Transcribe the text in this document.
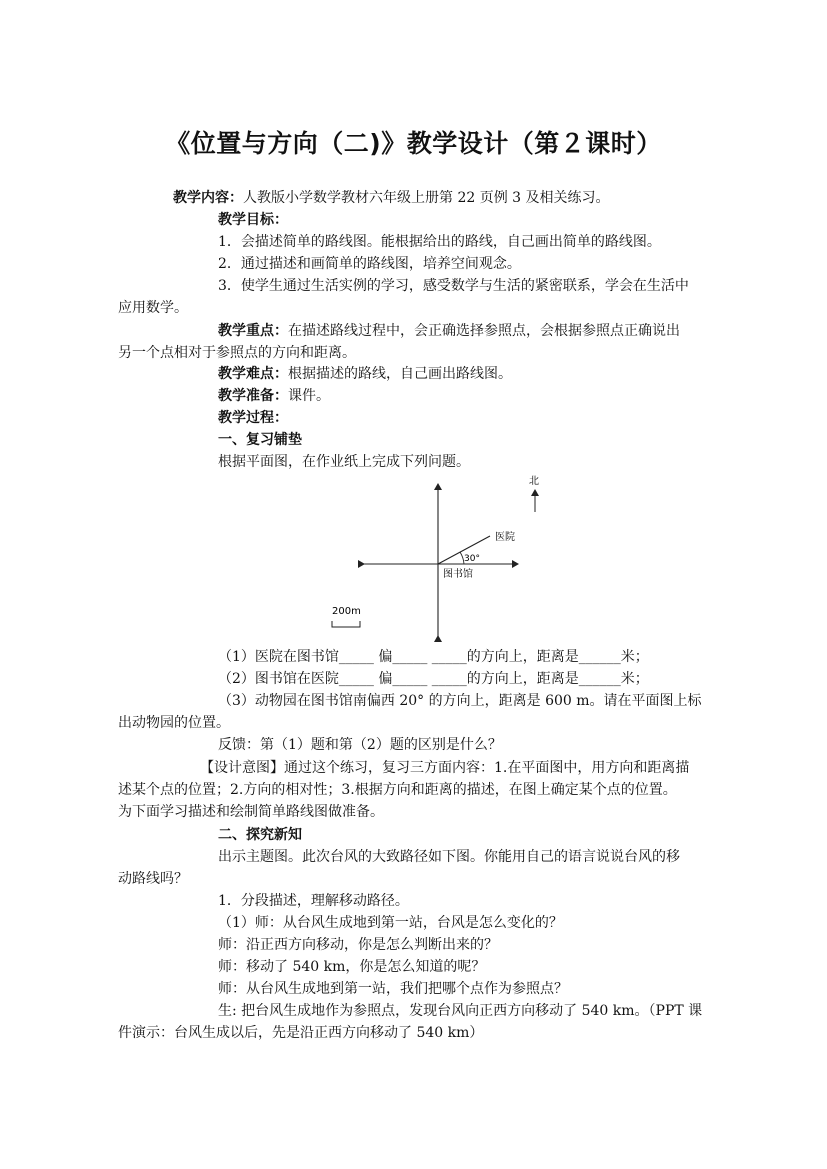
《位置与方向（二)》教学设计（第２课时）
教学内容：人教版小学数学教材六年级上册第 22 页例 3 及相关练习。
教学目标：
1．会描述简单的路线图。能根据给出的路线，自己画出简单的路线图。
2．通过描述和画简单的路线图，培养空间观念。
3．使学生通过生活实例的学习，感受数学与生活的紧密联系，学会在生活中
应用数学。
教学重点：在描述路线过程中，会正确选择参照点，会根据参照点正确说出
另一个点相对于参照点的方向和距离。
教学难点：根据描述的路线，自己画出路线图。
教学准备：课件。
教学过程：
一、复习铺垫
根据平面图，在作业纸上完成下列问题。
北
医院
30°
图书馆
200m
（1）医院在图书馆_____ 偏_____ _____的方向上，距离是______米；
（2）图书馆在医院_____ 偏_____ _____的方向上，距离是______米；
（3）动物园在图书馆南偏西 20° 的方向上，距离是 600 m。请在平面图上标
出动物园的位置。
反馈：第（1）题和第（2）题的区别是什么？
【设计意图】通过这个练习，复习三方面内容：1.在平面图中，用方向和距离描
述某个点的位置；2.方向的相对性；3.根据方向和距离的描述，在图上确定某个点的位置。
为下面学习描述和绘制简单路线图做准备。
二、探究新知
出示主题图。此次台风的大致路径如下图。你能用自己的语言说说台风的移
动路线吗？
1．分段描述，理解移动路径。
（1）师：从台风生成地到第一站，台风是怎么变化的？
师：沿正西方向移动，你是怎么判断出来的？
师：移动了 540 km，你是怎么知道的呢？
师：从台风生成地到第一站，我们把哪个点作为参照点？
生: 把台风生成地作为参照点，发现台风向正西方向移动了 540 km。（PPT 课
件演示：台风生成以后，先是沿正西方向移动了 540 km）
